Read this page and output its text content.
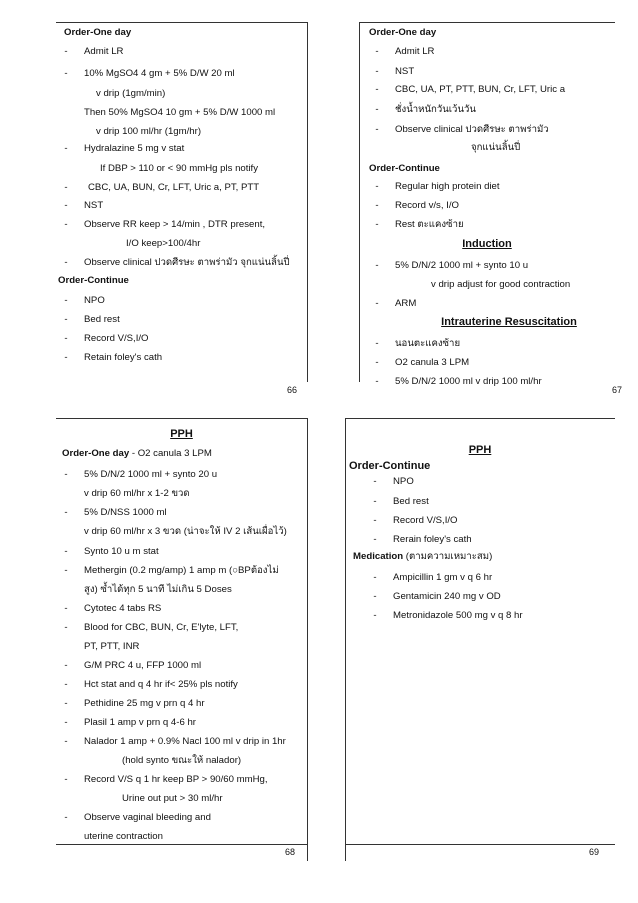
Order-One day
- Admit LR
- 10% MgSO4 4 gm + 5% D/W 20 ml
v drip (1gm/min)
Then 50% MgSO4 10 gm + 5% D/W 1000 ml
v drip 100 ml/hr (1gm/hr)
- Hydralazine 5 mg v stat
If DBP > 110 or < 90 mmHg pls notify
- CBC, UA, BUN, Cr, LFT, Uric a, PT, PTT
- NST
- Observe RR keep > 14/min , DTR present,
I/O keep>100/4hr
- Observe clinical ปวดศีรษะ ตาพร่ามัว จุกแน่นลิ้นปี่
Order-Continue
- NPO
- Bed rest
- Record V/S,I/O
- Retain foley's cath
66
Order-One day
- Admit LR
- NST
- CBC, UA, PT, PTT, BUN, Cr, LFT, Uric a
- ชั่งน้ำหนักวันเว้นวัน
- Observe clinical ปวดศีรษะ ตาพร่ามัว
จุกแน่นลิ้นปี่
Order-Continue
- Regular high protein diet
- Record v/s, I/O
- Rest ตะแคงซ้าย
Induction
- 5% D/N/2 1000 ml + synto 10 u
v drip adjust for good contraction
- ARM
Intrauterine Resuscitation
- นอนตะแคงซ้าย
- O2 canula 3 LPM
- 5% D/N/2 1000 ml v drip 100 ml/hr
67
PPH
Order-One day - O2 canula 3 LPM
- 5% D/N/2 1000 ml + synto 20 u
v drip 60 ml/hr x 1-2 ขวด
- 5% D/NSS 1000 ml
v drip 60 ml/hr x 3 ขวด (น่าจะให้ IV 2 เส้นเผื่อไว้)
- Synto 10 u m stat
- Methergin (0.2 mg/amp) 1 amp m (○BPต้องไม่
สูง) ซ้ำได้ทุก 5 นาที ไม่เกิน 5 Doses
- Cytotec 4 tabs RS
- Blood for CBC, BUN, Cr, E'lyte, LFT,
PT, PTT, INR
- G/M PRC 4 u, FFP 1000 ml
- Hct stat and q 4 hr if< 25% pls notify
- Pethidine 25 mg v prn q 4 hr
- Plasil 1 amp v prn q 4-6 hr
- Nalador 1 amp + 0.9% Nacl 100 ml v drip in 1hr
(hold synto ขณะให้ nalador)
- Record V/S q 1 hr keep BP > 90/60 mmHg,
Urine out put > 30 ml/hr
- Observe vaginal bleeding and
uterine contraction
68
PPH
Order-Continue
- NPO
- Bed rest
- Record V/S,I/O
- Rerain foley's cath
Medication (ตามความเหมาะสม)
- Ampicillin 1 gm v q 6 hr
- Gentamicin 240 mg v OD
- Metronidazole 500 mg v q 8 hr
69
